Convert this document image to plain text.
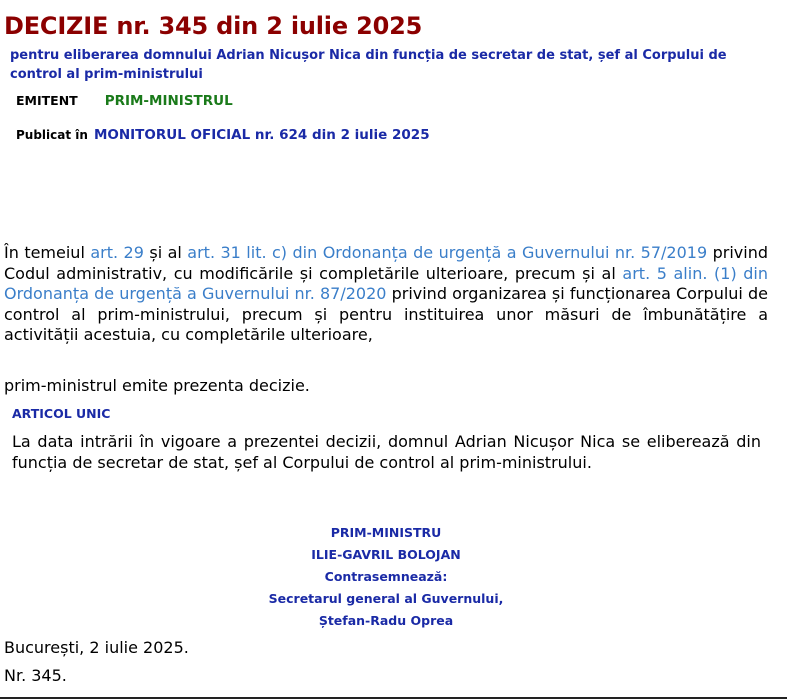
DECIZIE nr. 345 din 2 iulie 2025
pentru eliberarea domnului Adrian Nicușor Nica din funcția de secretar de stat, șef al Corpului de control al prim-ministrului
EMITENT PRIM-MINISTRUL
Publicat în MONITORUL OFICIAL nr. 624 din 2 iulie 2025

În temeiul art. 29 și al art. 31 lit. c) din Ordonanța de urgență a Guvernului nr. 57/2019 privind Codul administrativ, cu modificările și completările ulterioare, precum și al art. 5 alin. (1) din Ordonanța de urgență a Guvernului nr. 87/2020 privind organizarea și funcționarea Corpului de control al prim-ministrului, precum și pentru instituirea unor măsuri de îmbunătățire a activității acestuia, cu completările ulterioare,

prim-ministrul emite prezenta decizie.

ARTICOL UNIC

La data intrării în vigoare a prezentei decizii, domnul Adrian Nicușor Nica se eliberează din funcția de secretar de stat, șef al Corpului de control al prim-ministrului.

PRIM-MINISTRU
ILIE-GAVRIL BOLOJAN
Contrasemnează:
Secretarul general al Guvernului,
Ștefan-Radu Oprea

București, 2 iulie 2025.

Nr. 345.
